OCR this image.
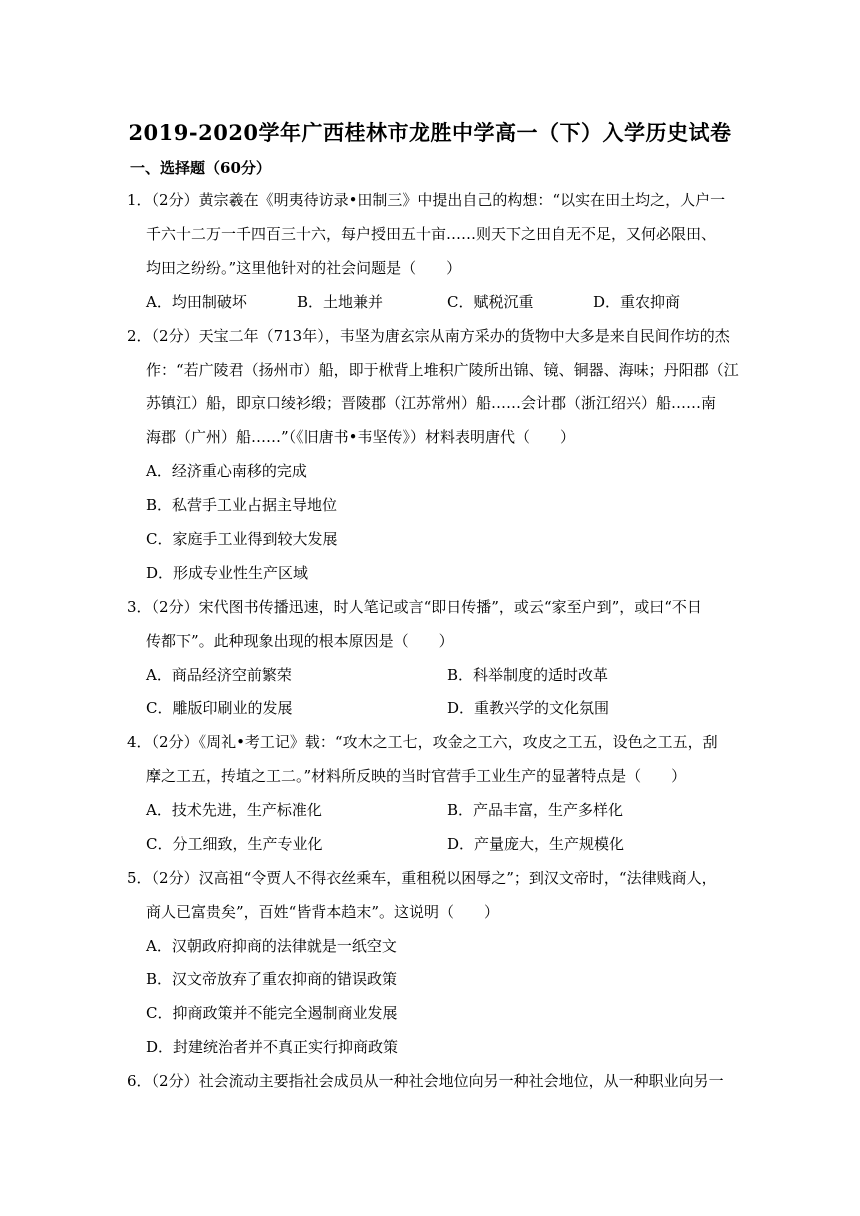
2019-2020学年广西桂林市龙胜中学高一（下）入学历史试卷
一、选择题（60分）
1．（2分）黄宗羲在《明夷待访录•田制三》中提出自己的构想：“以实在田土均之，人户一
千六十二万一千四百三十六，每户授田五十亩……则天下之田自无不足，又何必限田、
均田之纷纷。”这里他针对的社会问题是（　　）
A．均田制破坏	B．土地兼并	C．赋税沉重	D．重农抑商
2．（2分）天宝二年（713年），韦坚为唐玄宗从南方采办的货物中大多是来自民间作坊的杰
作：“若广陵君（扬州市）船，即于栿背上堆积广陵所出锦、镜、铜器、海味；丹阳郡（江
苏镇江）船，即京口绫衫缎；晋陵郡（江苏常州）船……会计郡（浙江绍兴）船……南
海郡（广州）船……”（《旧唐书•韦坚传》）材料表明唐代（　　）
A．经济重心南移的完成
B．私营手工业占据主导地位
C．家庭手工业得到较大发展
D．形成专业性生产区域
3．（2分）宋代图书传播迅速，时人笔记或言“即日传播”，或云“家至户到”，或曰“不日
传都下”。此种现象出现的根本原因是（　　）
A．商品经济空前繁荣	B．科举制度的适时改革
C．雕版印刷业的发展	D．重教兴学的文化氛围
4．（2分）《周礼•考工记》载：“攻木之工七，攻金之工六，攻皮之工五，设色之工五，刮
摩之工五，抟埴之工二。”材料所反映的当时官营手工业生产的显著特点是（　　）
A．技术先进，生产标准化	B．产品丰富，生产多样化
C．分工细致，生产专业化	D．产量庞大，生产规模化
5．（2分）汉高祖“令贾人不得衣丝乘车，重租税以困辱之”；到汉文帝时，“法律贱商人，
商人已富贵矣”，百姓“皆背本趋末”。这说明（　　）
A．汉朝政府抑商的法律就是一纸空文
B．汉文帝放弃了重农抑商的错误政策
C．抑商政策并不能完全遏制商业发展
D．封建统治者并不真正实行抑商政策
6．（2分）社会流动主要指社会成员从一种社会地位向另一种社会地位，从一种职业向另一
